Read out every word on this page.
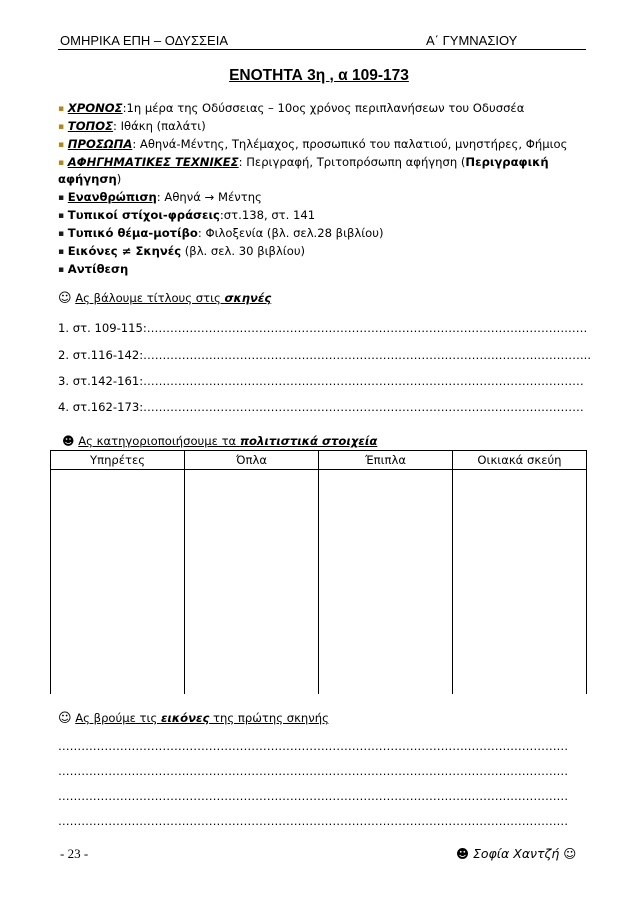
ΟΜΗΡΙΚΑ ΕΠΗ – ΟΔΥΣΣΕΙΑ	Α΄ ΓΥΜΝΑΣΙΟΥ
ΕΝΟΤΗΤΑ 3η , α 109-173
▪ ΧΡΟΝΟΣ:1η μέρα της Οδύσσειας – 10ος χρόνος περιπλανήσεων του Οδυσσέα
▪ ΤΟΠΟΣ: Ιθάκη (παλάτι)
▪ ΠΡΟΣΩΠΑ: Αθηνά-Μέντης, Τηλέμαχος, προσωπικό του παλατιού, μνηστήρες, Φήμιος
▪ ΑΦΗΓΗΜΑΤΙΚΕΣ ΤΕΧΝΙΚΕΣ: Περιγραφή, Τριτοπρόσωπη αφήγηση (Περιγραφική
αφήγηση)
▪ Ενανθρώπιση: Αθηνά → Μέντης
▪ Τυπικοί στίχοι-φράσεις:στ.138, στ. 141
▪ Τυπικό θέμα-μοτίβο: Φιλοξενία (βλ. σελ.28 βιβλίου)
▪ Εικόνες ≠ Σκηνές (βλ. σελ. 30 βιβλίου)
▪ Αντίθεση
☺ Ας βάλουμε τίτλους στις σκηνές
1. στ. 109-115:……………………………………………………………………………………………………
2. στ.116-142:……………………………………………………………………………………………………..
3. στ.142-161:……………………………………………………………………………………………………
4. στ.162-173:……………………………………………………………………………………………………
☻ Ας κατηγοριοποιήσουμε τα πολιτιστικά στοιχεία
Υπηρέτες	Όπλα	Έπιπλα	Οικιακά σκεύη

☺ Ας βρούμε τις εικόνες της πρώτης σκηνής
……………………………………………………………………………………………………………………
……………………………………………………………………………………………………………………
……………………………………………………………………………………………………………………
……………………………………………………………………………………………………………………
- 23 -	☻ Σοφία Χαντζή ☺
